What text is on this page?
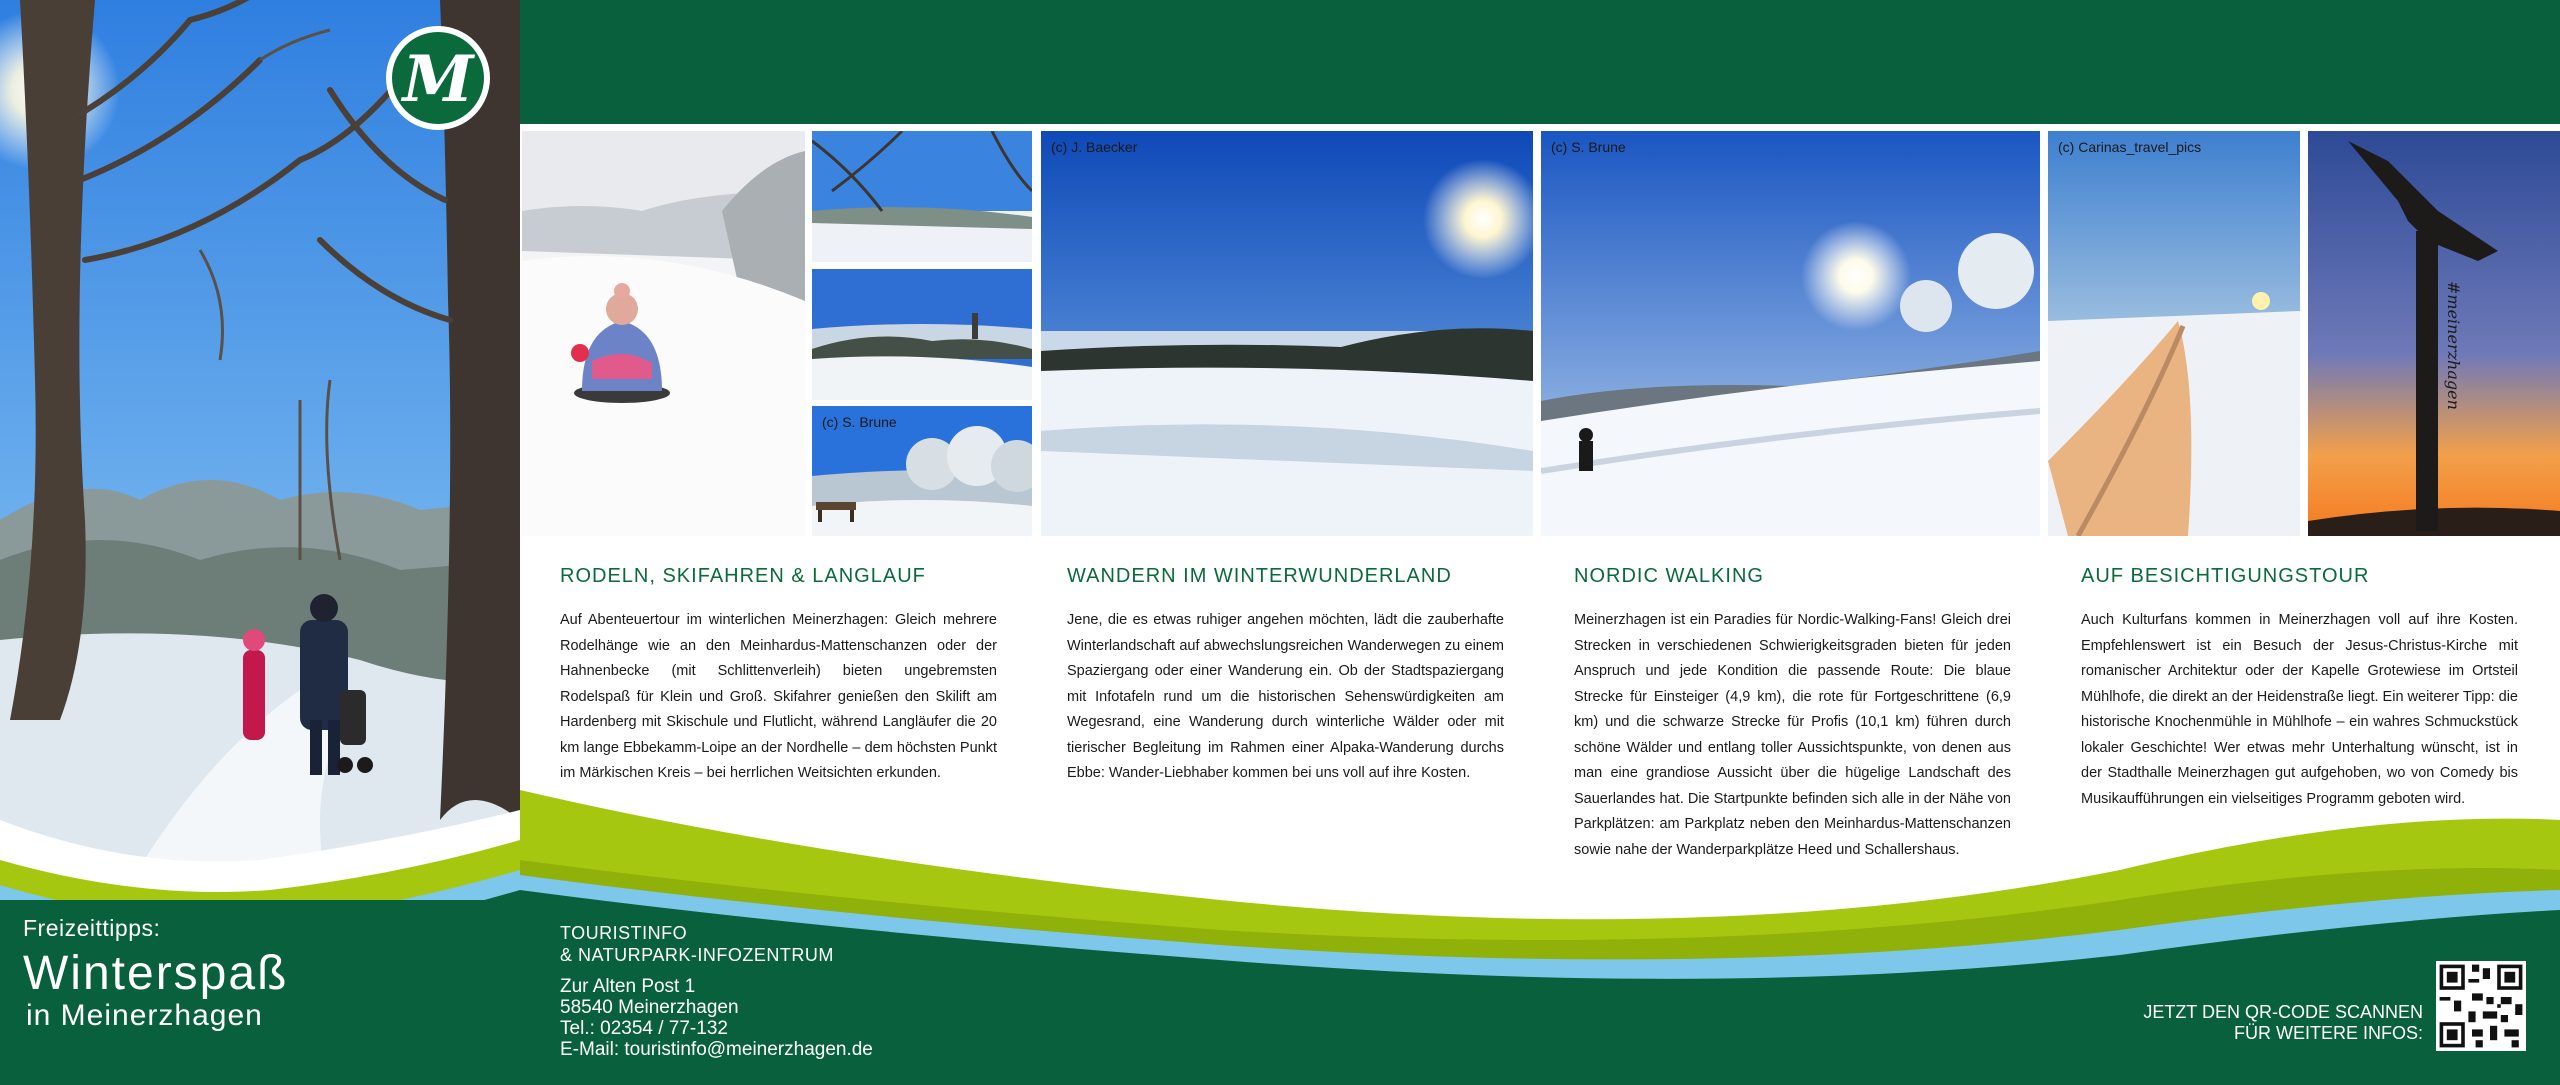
M
Freizeittipps:
Winterspaß
in Meinerzhagen
(c) S. Brune
(c) J. Baecker	(c) S. Brune	(c) Carinas_travel_pics
#meinerzhagen
RODELN, SKIFAHREN & LANGLAUF

Auf Abenteuertour im winterlichen Meinerzhagen: Gleich mehrere Rodelhänge wie an den Meinhardus-Mattenschanzen oder der Hahnenbecke (mit Schlittenverleih) bieten ungebremsten Rodelspaß für Klein und Groß. Skifahrer genießen den Skilift am Hardenberg mit Skischule und Flutlicht, während Langläufer die 20 km lange Ebbekamm-Loipe an der Nordhelle – dem höchsten Punkt im Märkischen Kreis – bei herrlichen Weitsichten erkunden.

WANDERN IM WINTERWUNDERLAND

Jene, die es etwas ruhiger angehen möchten, lädt die zauberhafte Winterlandschaft auf abwechslungsreichen Wanderwegen zu einem Spaziergang oder einer Wanderung ein. Ob der Stadtspaziergang mit Infotafeln rund um die historischen Sehenswürdigkeiten am Wegesrand, eine Wanderung durch winterliche Wälder oder mit tierischer Begleitung im Rahmen einer Alpaka-Wanderung durchs Ebbe: Wander-Liebhaber kommen bei uns voll auf ihre Kosten.

NORDIC WALKING

Meinerzhagen ist ein Paradies für Nordic-Walking-Fans! Gleich drei Strecken in verschiedenen Schwierigkeitsgraden bieten für jeden Anspruch und jede Kondition die passende Route: Die blaue Strecke für Einsteiger (4,9 km), die rote für Fortgeschrittene (6,9 km) und die schwarze Strecke für Profis (10,1 km) führen durch schöne Wälder und entlang toller Aussichtspunkte, von denen aus man eine grandiose Aussicht über die hügelige Landschaft des Sauerlandes hat. Die Startpunkte befinden sich alle in der Nähe von Parkplätzen: am Parkplatz neben den Meinhardus-Mattenschanzen sowie nahe der Wanderparkplätze Heed und Schallershaus.

AUF BESICHTIGUNGSTOUR

Auch Kulturfans kommen in Meinerzhagen voll auf ihre Kosten. Empfehlenswert ist ein Besuch der Jesus-Christus-Kirche mit romanischer Architektur oder der Kapelle Grotewiese im Ortsteil Mühlhofe, die direkt an der Heidenstraße liegt. Ein weiterer Tipp: die historische Knochenmühle in Mühlhofe – ein wahres Schmuckstück lokaler Geschichte! Wer etwas mehr Unterhaltung wünscht, ist in der Stadthalle Meinerzhagen gut aufgehoben, wo von Comedy bis Musikaufführungen ein vielseitiges Programm geboten wird.

TOURISTINFO
& NATURPARK-INFOZENTRUM
Zur Alten Post 1
58540 Meinerzhagen
Tel.: 02354 / 77-132
E-Mail: touristinfo@meinerzhagen.de
JETZT DEN QR-CODE SCANNEN
FÜR WEITERE INFOS:
